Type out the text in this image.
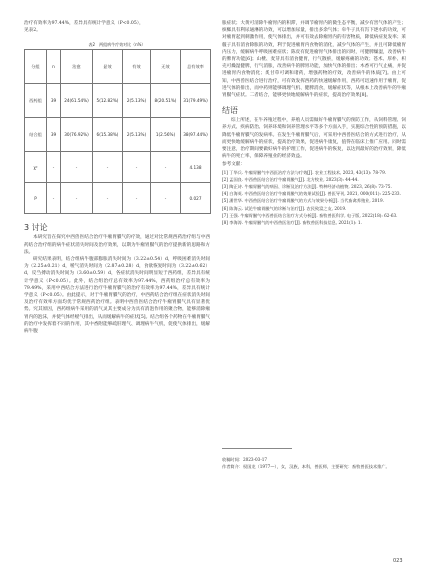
治疗有效率为97.44%，差异具有统计学意义（P<0.05），

见表2。

表2　两组病牛疗效对比（n%）

分组	n	治愈	显效	有效	无效	总有效率
西药组	39	24(61.54%)	5(12.82%)	2(5.13%)	8(20.51%)	31(79.49%)
结合组	39	30(76.92%)	6(15.38%)	2(5.13%)	1(2.56%)	38(97.44%)
χ²	-	-	-	-	-	4.138
P	-	-	-	-	-	0.027

3 讨论

本研究旨在探究中西兽医结合治疗牛瘤胃臌气的疗效，通过对比常规西药治疗组与中西药结合治疗组的病牛症状消失时间及治疗效果，以期为牛瘤胃臌气的治疗提供新的思路和方法。

研究结果表明，结合组病牛腹部膨胀消失时间为（3.22±0.54）d，呼吸困难消失时间为（2.25±0.21）d，嗳气消失时间为（2.87±0.28）d，食欲恢复时间为（3.22±0.62）d，反刍搏动消失时间为（3.60±0.59）d，各症状消失时间明显短于西药组，差异具有统计学意义（P<0.05）。此外，结合组治疗总有效率为97.44%，西药组治疗总有效率为79.49%，采用中西结合方法进行治疗牛瘤胃臌气的治疗有效率为97.44%，差异具有统计学意义（P<0.05）。由此提示，对于牛瘤胃臌气的治疗，中西药结合治疗组在症状消失时间及治疗有效率方面均优于常规西药治疗组。表明中西兽医结合治疗牛瘤胃臌气具有显著优势。究其原因，西药组病牛采用的消气灵其主要成分为具有消泡作用的聚合物，能够消除瘤胃内的泡沫，并使气体经嗳气排出，从而缓解病牛的症状[5]。结合组各个药物在牛瘤胃臌气的治疗中发挥着不同的作用，其中香附能够疏肝理气、调理病牛气机，促使气体排出，缓解病牛腹

胀症状；大黄可清除牛瘤胃内的积滞，并调节瘤胃内的微生态平衡，减少有害气体的产生；槟榔具有利尿通淋的功效，可以增加尿量，排出多余气体；牵牛子具有泻下逐水的功效，可对瘤胃起到刺激作用，使气体排出，并可有效去除瘤胃内的有害物质，降低病症复发率；莱菔子具有消食除胀的功效，利于促进瘤胃内食物的消化，减少气体的产生，并且可降低瘤胃内压力，缓解病牛呼吸困难症状；陈皮有促进瘤胃气体排出的同时，可健脾燥湿，改善病牛的脾胃功能[6]；山楂、麦芽具有消食健胃，行气散瘀，缓解疼痛的功效；苍术、厚朴、枳壳可燥湿健脾，行气消胀，改善病牛的脾胃功能，加快气体的排出；木香可行气止痛，并促进瘤胃内食物消化；炙甘草可调和诸药，增强药物的疗效，改善病牛的体质[7]。由上可知，中西兽医结合进行治疗，可有效发挥西药的快速缓解作用，西药可迅速作用于瘤胃，促进气体的排出，而中药则能够调理气机、健脾消食，缓解症状等，从根本上改善病牛的牛瘤胃臌气症状。二者结合，能够更快地缓解病牛的症状，提高治疗效果[8]。

结语

综上所述，在牛养殖过程中，养殖人员需做好牛瘤胃臌气的预防工作，从饲料管理、饲养方式、疾病防治、饲养环境和饲养管理水平等多个方面入手，实施综合性的预防措施，以降低牛瘤胃臌气的发病率。在发生牛瘤胃臌气后，可采用中西兽医结合的方式进行治疗，从而更快地缓解病牛的症状，提高治疗效果，促进病牛康复，值得在临床上推广应用。同时需要注意，治疗期间要做好病牛的护理工作，促进病牛的恢复，以达到最好的治疗效果，降低病牛的死亡率，保障养殖业的经济效益。

参考文献：

[1] 丁华兵. 牛瘤胃臌气中西医治疗方法与疗效[J]. 农业工程技术, 2023, 43(13): 78-79.

[2] 孟国良. 中西兽医结合治疗牛瘤胃臌气[J]. 北方牧业, 2023(3): 44-44.

[3] 陶正诗. 牛瘤胃臌气的病因、诊断及治疗方法[J]. 特种经济动植物, 2023, 26(8): 73-75.

[4] 白海英. 中西兽医结合治疗牛瘤胃臌气的效果试验[J]. 兽医导刊, 2021, 000(011): 225-233.

[5] 潘世华. 中西兽医结合治疗牛瘤胃臌气的方式与效果分析[J]. 当代畜禽养殖业, 2019.

[6] 陈海云. 试论牛瘤胃臌气的诊断与治疗[J]. 农民致富之友, 2019.

[7] 王强. 牛瘤胃臌气中西兽医结合治疗方式分析[J]. 畜牧兽医科学, 电子版, 2022(18): 62-63.

[8] 李海涛. 牛瘤胃臌气的中西兽医治疗[J]. 畜牧兽医科技信息, 2021(1): 1.

收稿时间：2023-03-17

作者简介：权国龙（1977—），女，汉族，本科，兽医师，主要研究：畜牧兽医技术推广。

023
